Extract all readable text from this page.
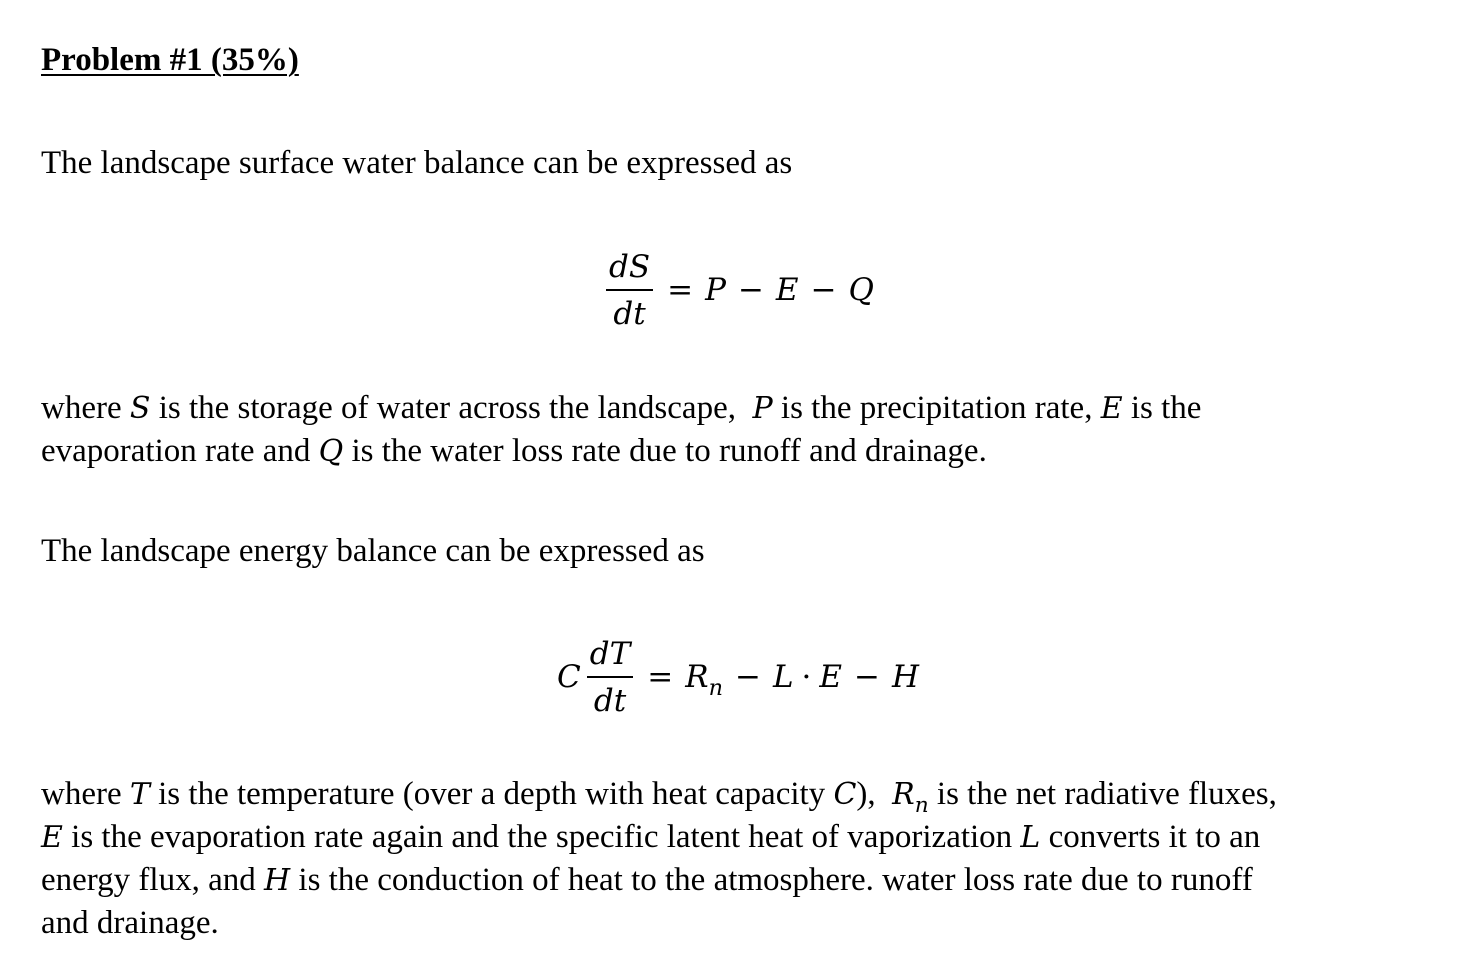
Problem #1 (35%)
The landscape surface water balance can be expressed as
$\frac{dS}{dt} = P - E - Q$
where S is the storage of water across the landscape, P is the precipitation rate, E is the
evaporation rate and Q is the water loss rate due to runoff and drainage.
The landscape energy balance can be expressed as
C $\frac{dT}{dt} = R_n - L \cdot E - H$
where T is the temperature (over a depth with heat capacity C), $R_n$ is the net radiative fluxes,
E is the evaporation rate again and the specific latent heat of vaporization L converts it to an
energy flux, and H is the conduction of heat to the atmosphere. water loss rate due to runoff
and drainage.
